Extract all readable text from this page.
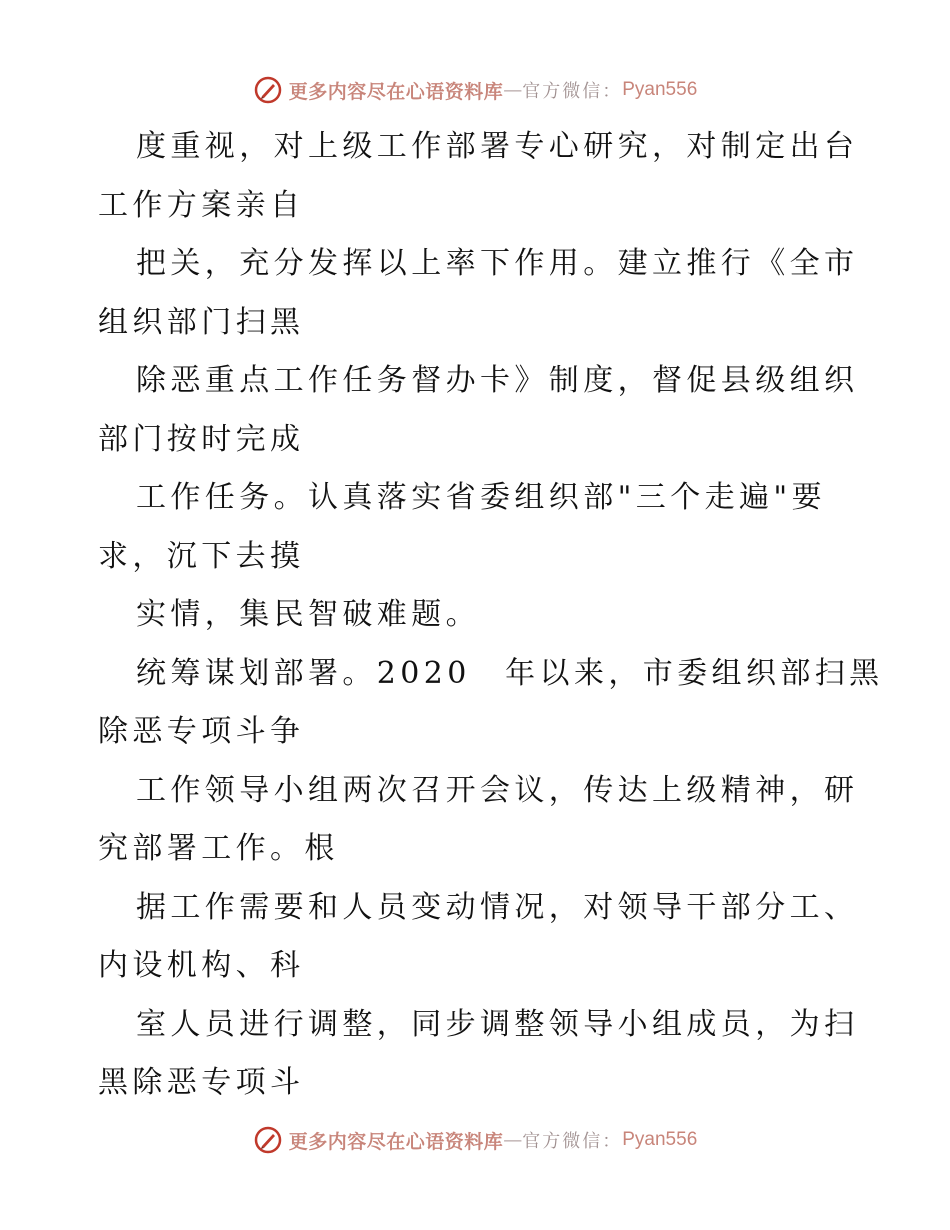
更多内容尽在心语资料库 — 官方微信： Pyan556
度重视，对上级工作部署专心研究，对制定出台
工作方案亲自
把关，充分发挥以上率下作用。建立推行《全市
组织部门扫黑
除恶重点工作任务督办卡》制度，督促县级组织
部门按时完成
工作任务。认真落实省委组织部"三个走遍"要
求，沉下去摸
实情，集民智破难题。
统筹谋划部署。2020　年以来，市委组织部扫黑
除恶专项斗争
工作领导小组两次召开会议，传达上级精神，研
究部署工作。根
据工作需要和人员变动情况，对领导干部分工、
内设机构、科
室人员进行调整，同步调整领导小组成员，为扫
黑除恶专项斗
更多内容尽在心语资料库 — 官方微信： Pyan556
